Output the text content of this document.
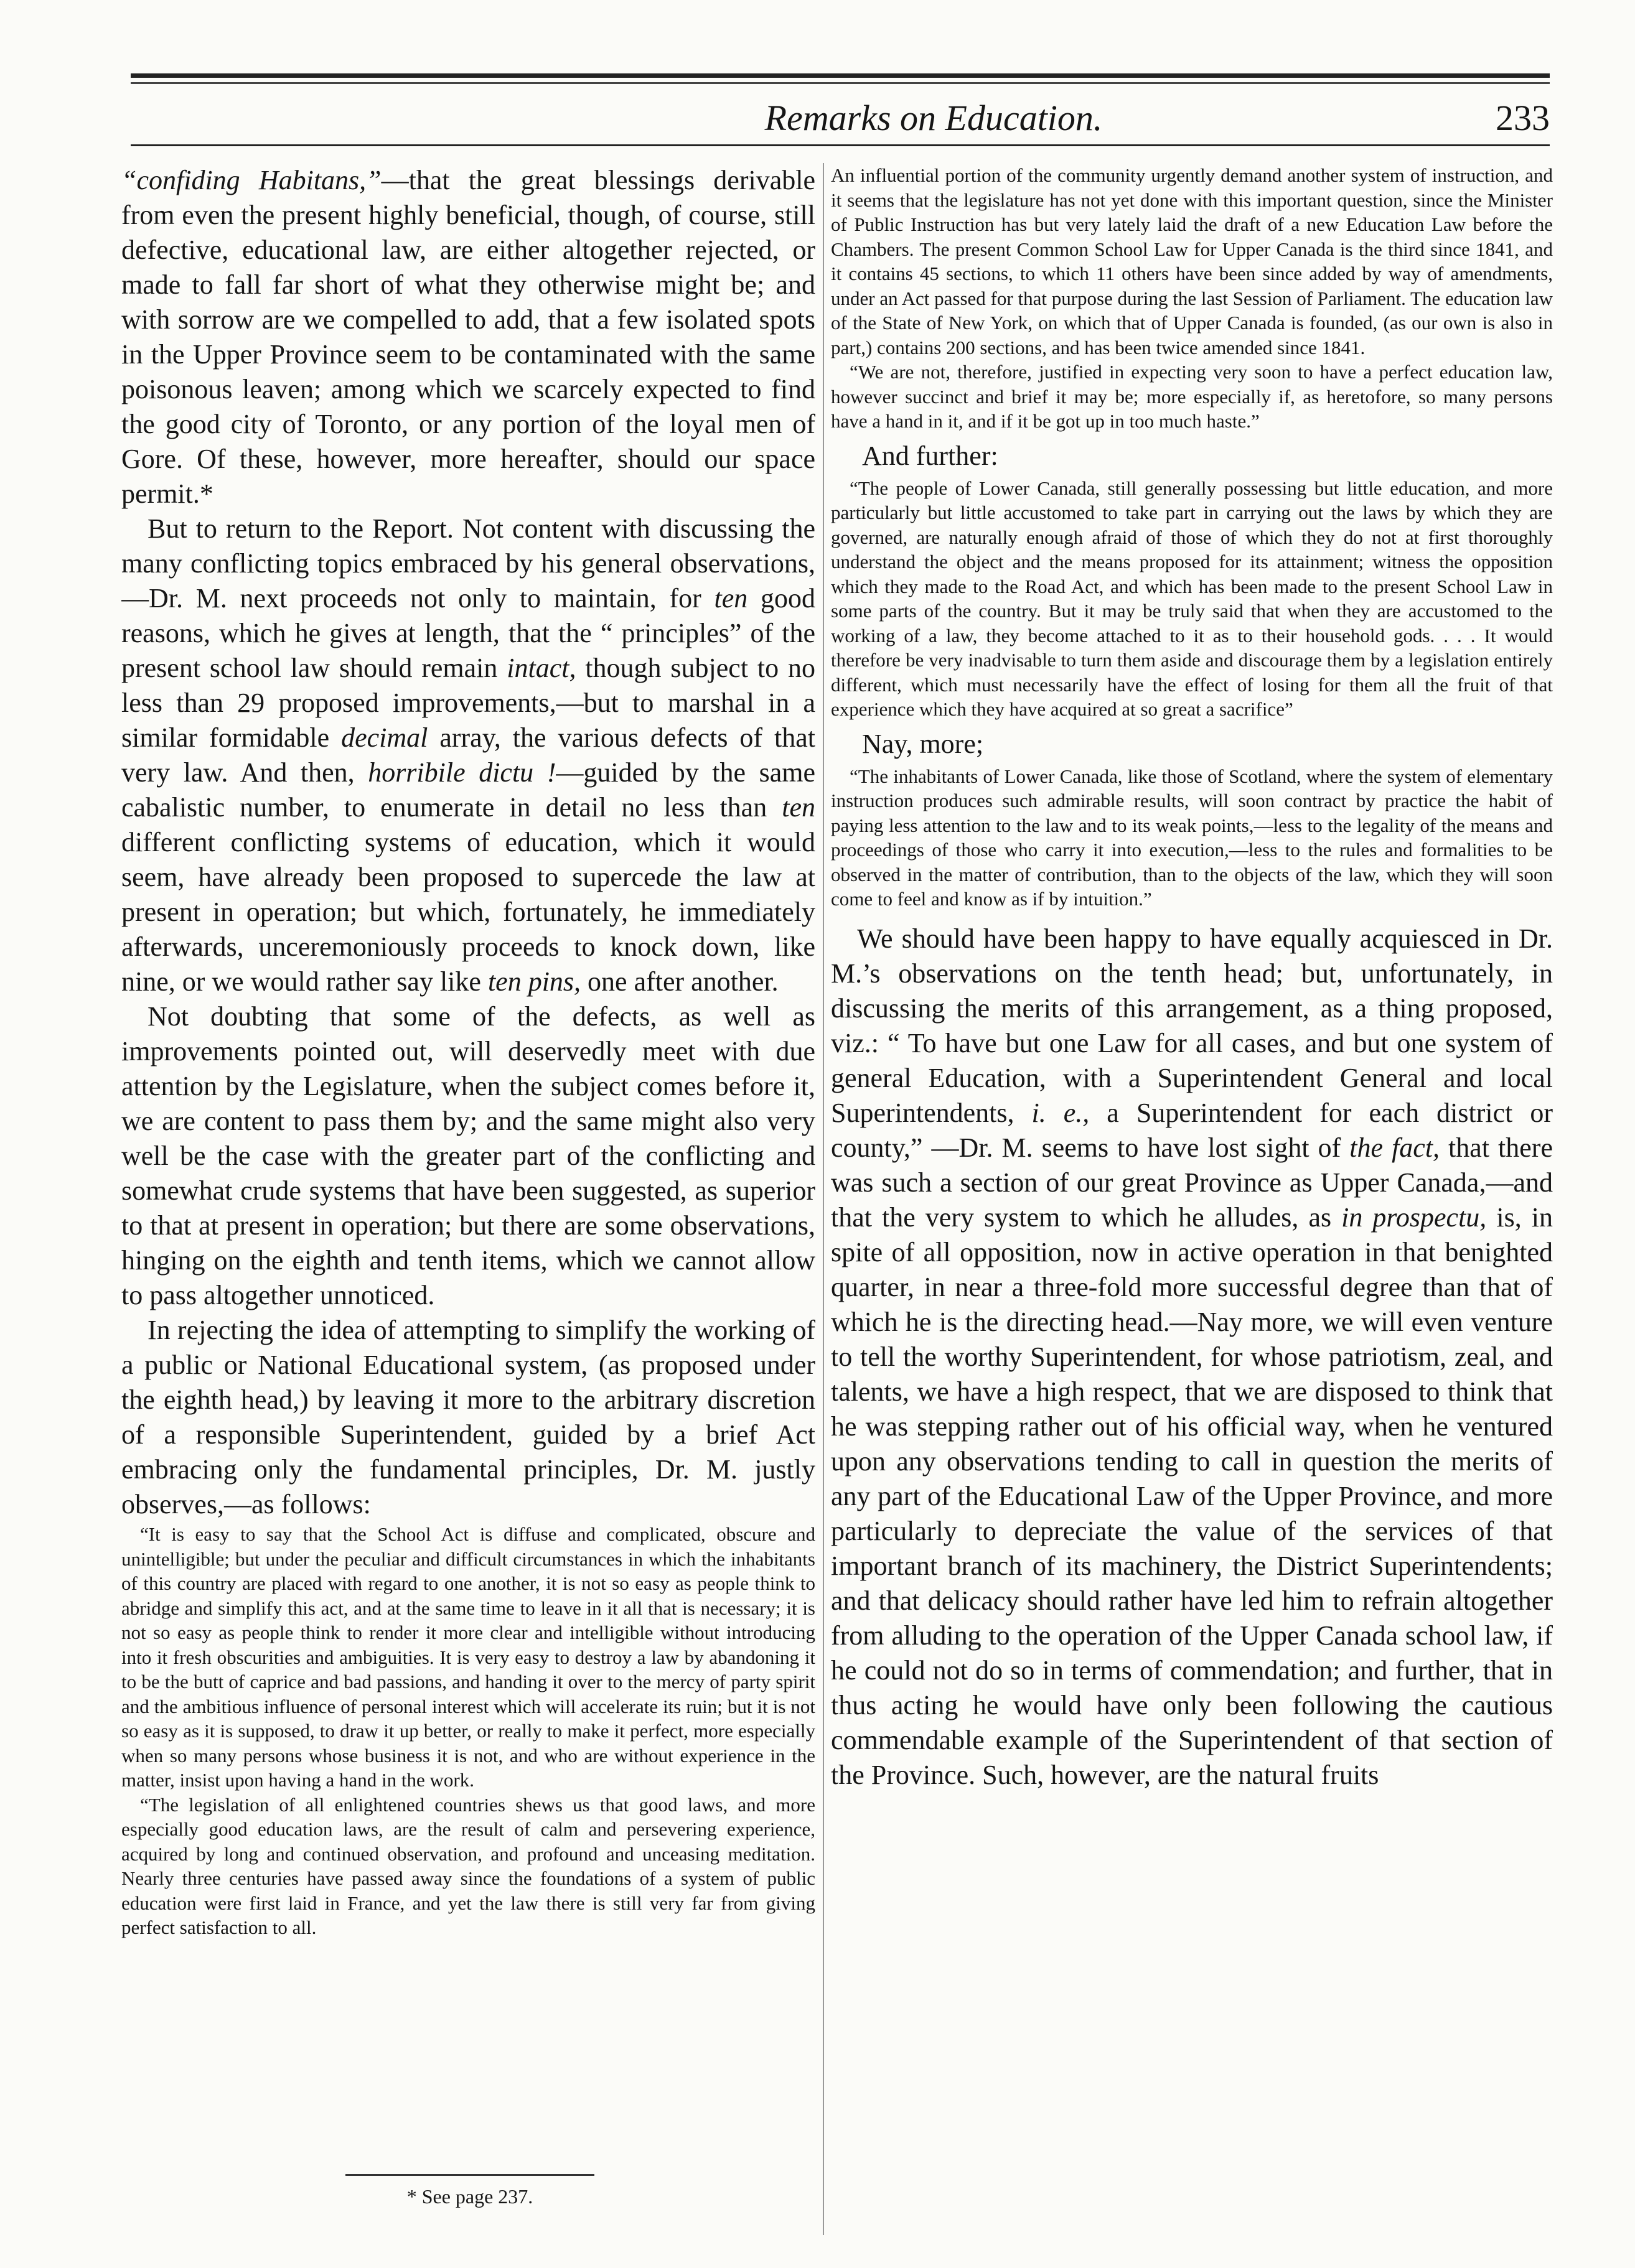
Remarks on Education.	233

“confiding Habitans,”—that the great blessings derivable from even the present highly beneficial, though, of course, still defective, educational law, are either altogether rejected, or made to fall far short of what they otherwise might be; and with sorrow are we compelled to add, that a few isolated spots in the Upper Province seem to be contaminated with the same poisonous leaven; among which we scarcely expected to find the good city of Toronto, or any portion of the loyal men of Gore. Of these, however, more hereafter, should our space permit.*

But to return to the Report. Not content with discussing the many conflicting topics embraced by his general observations,—Dr. M. next proceeds not only to maintain, for ten good reasons, which he gives at length, that the “ principles” of the present school law should remain intact, though subject to no less than 29 proposed improvements,—but to marshal in a similar formidable decimal array, the various defects of that very law. And then, horribile dictu !—guided by the same cabalistic number, to enumerate in detail no less than ten different conflicting systems of education, which it would seem, have already been proposed to supercede the law at present in operation; but which, fortunately, he immediately afterwards, unceremoniously proceeds to knock down, like nine, or we would rather say like ten pins, one after another.

Not doubting that some of the defects, as well as improvements pointed out, will deservedly meet with due attention by the Legislature, when the subject comes before it, we are content to pass them by; and the same might also very well be the case with the greater part of the conflicting and somewhat crude systems that have been suggested, as superior to that at present in operation; but there are some observations, hinging on the eighth and tenth items, which we cannot allow to pass altogether unnoticed.

In rejecting the idea of attempting to simplify the working of a public or National Educational system, (as proposed under the eighth head,) by leaving it more to the arbitrary discretion of a responsible Superintendent, guided by a brief Act embracing only the fundamental principles, Dr. M. justly observes,—as follows:

“It is easy to say that the School Act is diffuse and complicated, obscure and unintelligible; but under the peculiar and difficult circumstances in which the inhabitants of this country are placed with regard to one another, it is not so easy as people think to abridge and simplify this act, and at the same time to leave in it all that is necessary; it is not so easy as people think to render it more clear and intelligible without introducing into it fresh obscurities and ambiguities. It is very easy to destroy a law by abandoning it to be the butt of caprice and bad passions, and handing it over to the mercy of party spirit and the ambitious influence of personal interest which will accelerate its ruin; but it is not so easy as it is supposed, to draw it up better, or really to make it perfect, more especially when so many persons whose business it is not, and who are without experience in the matter, insist upon having a hand in the work.

“The legislation of all enlightened countries shews us that good laws, and more especially good education laws, are the result of calm and persevering experience, acquired by long and continued observation, and profound and unceasing meditation. Nearly three centuries have passed away since the foundations of a system of public education were first laid in France, and yet the law there is still very far from giving perfect satisfaction to all.

An influential portion of the community urgently demand another system of instruction, and it seems that the legislature has not yet done with this important question, since the Minister of Public Instruction has but very lately laid the draft of a new Education Law before the Chambers. The present Common School Law for Upper Canada is the third since 1841, and it contains 45 sections, to which 11 others have been since added by way of amendments, under an Act passed for that purpose during the last Session of Parliament. The education law of the State of New York, on which that of Upper Canada is founded, (as our own is also in part,) contains 200 sections, and has been twice amended since 1841.

“We are not, therefore, justified in expecting very soon to have a perfect education law, however succinct and brief it may be; more especially if, as heretofore, so many persons have a hand in it, and if it be got up in too much haste.”

And further:

“The people of Lower Canada, still generally possessing but little education, and more particularly but little accustomed to take part in carrying out the laws by which they are governed, are naturally enough afraid of those of which they do not at first thoroughly understand the object and the means proposed for its attainment; witness the opposition which they made to the Road Act, and which has been made to the present School Law in some parts of the country. But it may be truly said that when they are accustomed to the working of a law, they become attached to it as to their household gods. . . . It would therefore be very inadvisable to turn them aside and discourage them by a legislation entirely different, which must necessarily have the effect of losing for them all the fruit of that experience which they have acquired at so great a sacrifice”

Nay, more;

“The inhabitants of Lower Canada, like those of Scotland, where the system of elementary instruction produces such admirable results, will soon contract by practice the habit of paying less attention to the law and to its weak points,—less to the legality of the means and proceedings of those who carry it into execution,—less to the rules and formalities to be observed in the matter of contribution, than to the objects of the law, which they will soon come to feel and know as if by intuition.”

We should have been happy to have equally acquiesced in Dr. M.’s observations on the tenth head; but, unfortunately, in discussing the merits of this arrangement, as a thing proposed, viz.: “ To have but one Law for all cases, and but one system of general Education, with a Superintendent General and local Superintendents, i. e., a Superintendent for each district or county,” —Dr. M. seems to have lost sight of the fact, that there was such a section of our great Province as Upper Canada,—and that the very system to which he alludes, as in prospectu, is, in spite of all opposition, now in active operation in that benighted quarter, in near a three-fold more successful degree than that of which he is the directing head.—Nay more, we will even venture to tell the worthy Superintendent, for whose patriotism, zeal, and talents, we have a high respect, that we are disposed to think that he was stepping rather out of his official way, when he ventured upon any observations tending to call in question the merits of any part of the Educational Law of the Upper Province, and more particularly to depreciate the value of the services of that important branch of its machinery, the District Superintendents; and that delicacy should rather have led him to refrain altogether from alluding to the operation of the Upper Canada school law, if he could not do so in terms of commendation; and further, that in thus acting he would have only been following the cautious commendable example of the Superintendent of that section of the Province. Such, however, are the natural fruits

* See page 237.
